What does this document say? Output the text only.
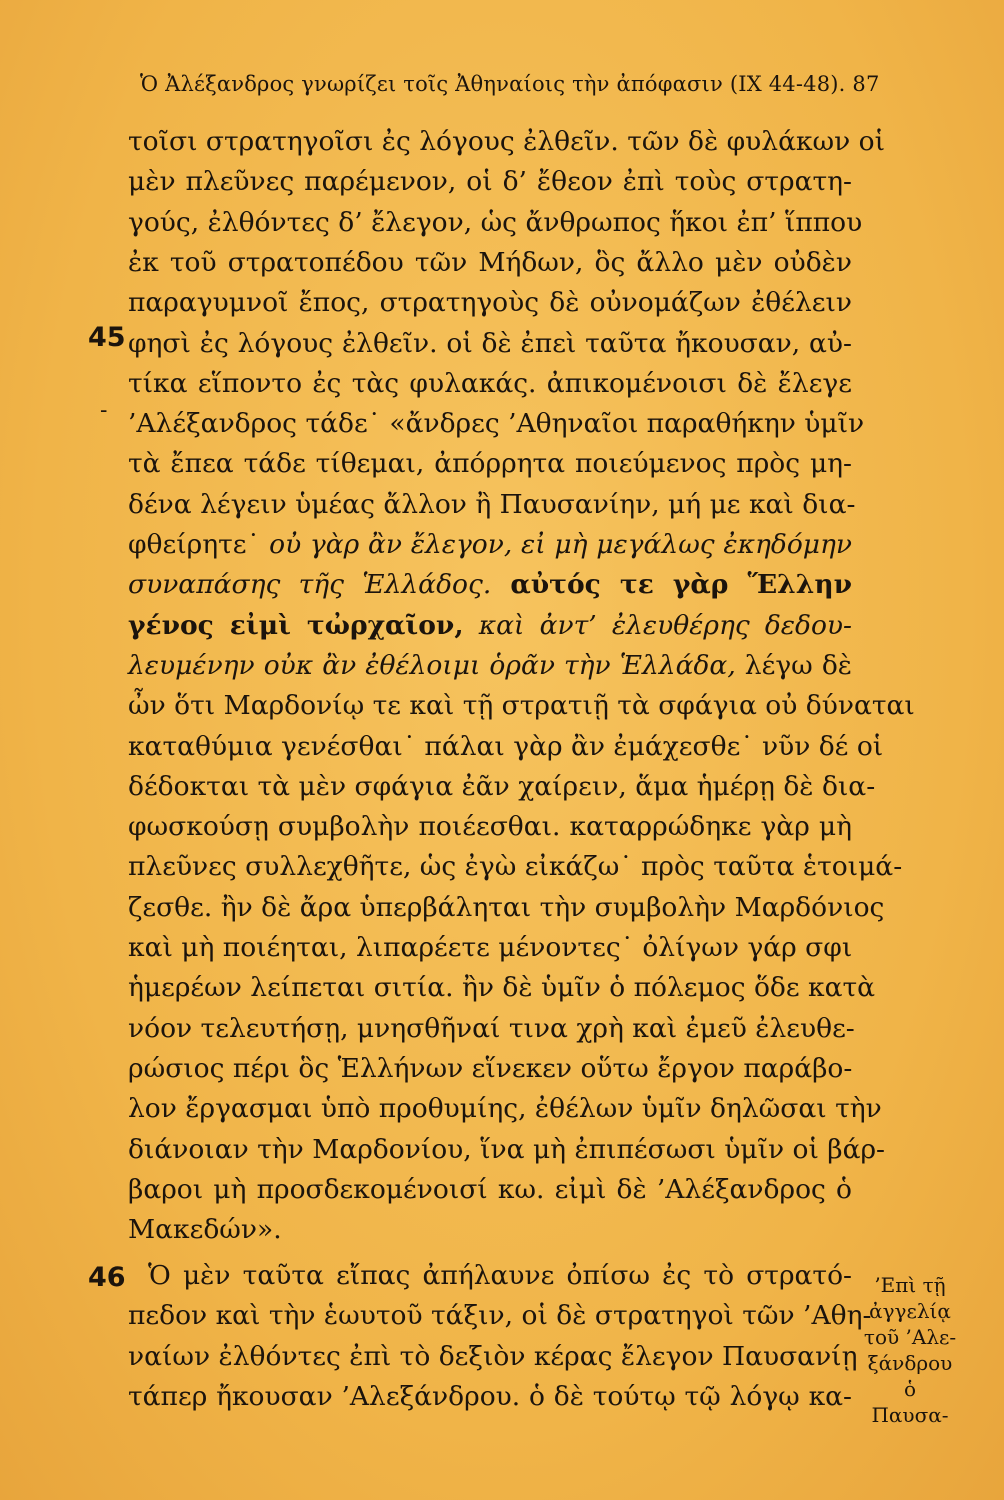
Ὁ Ἀλέξανδρος γνωρίζει τοῖς Ἀθηναίοις τὴν ἀπόφασιν (IX 44-48). 87
τοῖσι στρατηγοῖσι ἐς λόγους ἐλθεῖν. τῶν δὲ φυλάκων οἱ
μὲν πλεῦνες παρέμενον, οἱ δ’ ἔθεον ἐπὶ τοὺς στρατη-
γούς, ἐλθόντες δ’ ἔλεγον, ὡς ἄνθρωπος ἥκοι ἐπ’ ἵππου
ἐκ τοῦ στρατοπέδου τῶν Μήδων, ὃς ἄλλο μὲν οὐδὲν
παραγυμνοῖ ἔπος, στρατηγοὺς δὲ οὐνομάζων ἐθέλειν
φησὶ ἐς λόγους ἐλθεῖν. οἱ δὲ ἐπεὶ ταῦτα ἤκουσαν, αὐ-
τίκα εἵποντο ἐς τὰς φυλακάς. ἀπικομένοισι δὲ ἔλεγε
’Αλέξανδρος τάδε˙ «ἄνδρες ’Αθηναῖοι παραθήκην ὑμῖν
τὰ ἔπεα τάδε τίθεμαι, ἀπόρρητα ποιεύμενος πρὸς μη-
δένα λέγειν ὑμέας ἄλλον ἢ Παυσανίην, μή με καὶ δια-
φθείρητε˙ οὐ γὰρ ἂν ἔλεγον, εἰ μὴ μεγάλως ἐκηδόμην
συναπάσης τῆς Ἑλλάδος. αὐτός τε γὰρ Ἕλλην
γένος εἰμὶ τὠρχαῖον, καὶ ἀντ’ ἐλευθέρης δεδου-
λευμένην οὐκ ἂν ἐθέλοιμι ὁρᾶν τὴν Ἑλλάδα, λέγω δὲ
ὦν ὅτι Μαρδονίῳ τε καὶ τῇ στρατιῇ τὰ σφάγια οὐ δύναται
καταθύμια γενέσθαι˙ πάλαι γὰρ ἂν ἐμάχεσθε˙ νῦν δέ οἱ
δέδοκται τὰ μὲν σφάγια ἐᾶν χαίρειν, ἅμα ἡμέρῃ δὲ δια-
φωσκούσῃ συμβολὴν ποιέεσθαι. καταρρώδηκε γὰρ μὴ
πλεῦνες συλλεχθῆτε, ὡς ἐγὼ εἰκάζω˙ πρὸς ταῦτα ἑτοιμά-
ζεσθε. ἢν δὲ ἄρα ὑπερβάληται τὴν συμβολὴν Μαρδόνιος
καὶ μὴ ποιέηται, λιπαρέετε μένοντες˙ ὀλίγων γάρ σφι
ἡμερέων λείπεται σιτία. ἢν δὲ ὑμῖν ὁ πόλεμος ὅδε κατὰ
νόον τελευτήσῃ, μνησθῆναί τινα χρὴ καὶ ἐμεῦ ἐλευθε-
ρώσιος πέρι ὃς Ἑλλήνων εἵνεκεν οὕτω ἔργον παράβο-
λον ἔργασμαι ὑπὸ προθυμίης, ἐθέλων ὑμῖν δηλῶσαι τὴν
διάνοιαν τὴν Μαρδονίου, ἵνα μὴ ἐπιπέσωσι ὑμῖν οἱ βάρ-
βαροι μὴ προσδεκομένοισί κω. εἰμὶ δὲ ’Αλέξανδρος ὁ
Μακεδών».
Ὁ μὲν ταῦτα εἴπας ἀπήλαυνε ὀπίσω ἐς τὸ στρατό-
πεδον καὶ τὴν ἑωυτοῦ τάξιν, οἱ δὲ στρατηγοὶ τῶν ’Αθη-
ναίων ἐλθόντες ἐπὶ τὸ δεξιὸν κέρας ἔλεγον Παυσανίῃ
τάπερ ἤκουσαν ’Αλεξάνδρου. ὁ δὲ τούτῳ τῷ λόγῳ κα-
45
46
-
’Επὶ τῇ
ἀγγελίᾳ
τοῦ ’Αλε-
ξάνδρου ὁ
Παυσα-
